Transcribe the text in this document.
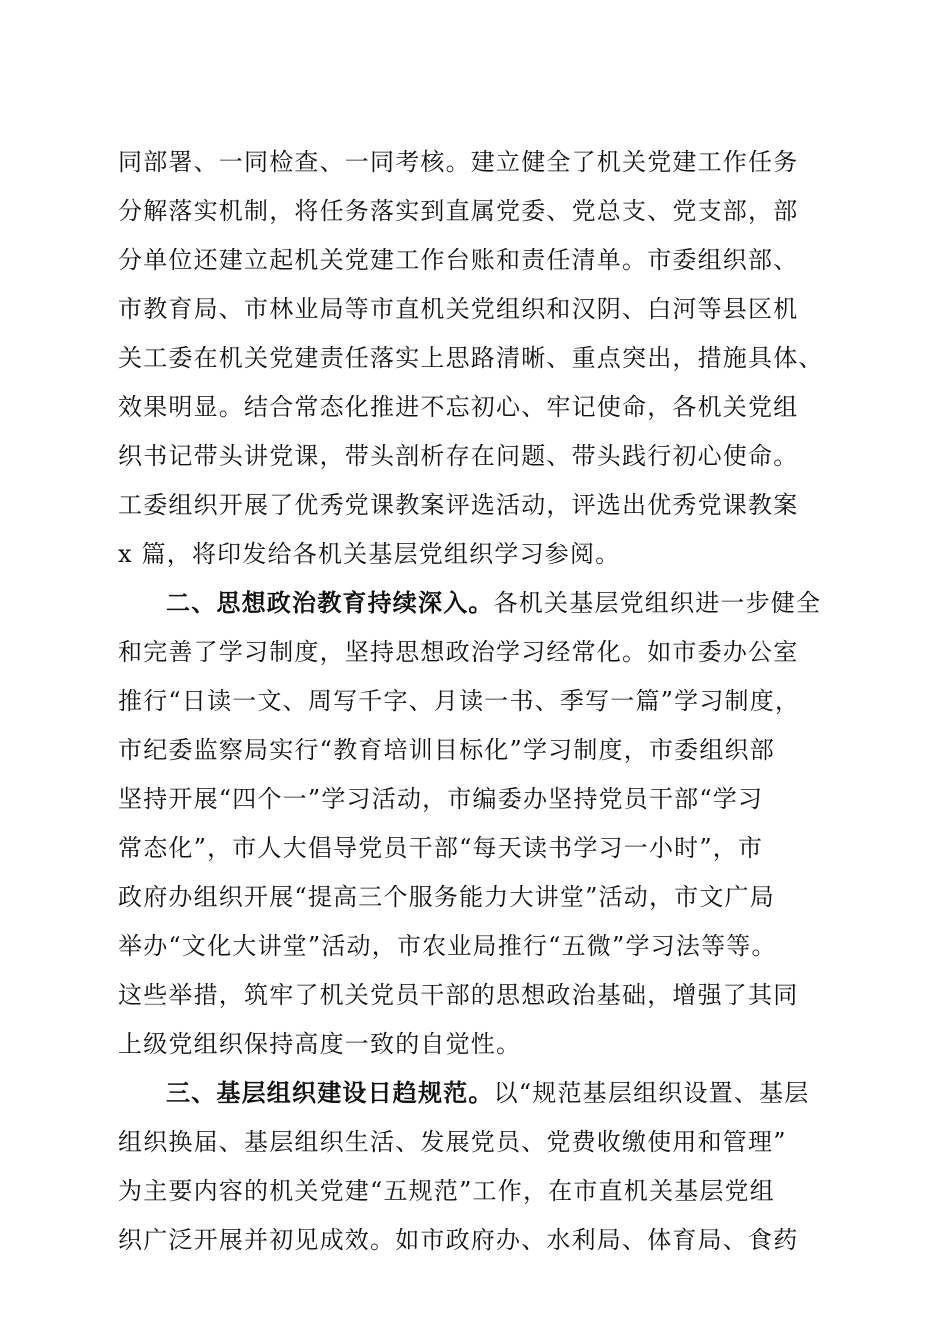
同部署、一同检查、一同考核。建立健全了机关党建工作任务
分解落实机制，将任务落实到直属党委、党总支、党支部，部
分单位还建立起机关党建工作台账和责任清单。市委组织部、
市教育局、市林业局等市直机关党组织和汉阴、白河等县区机
关工委在机关党建责任落实上思路清晰、重点突出，措施具体、
效果明显。结合常态化推进不忘初心、牢记使命，各机关党组
织书记带头讲党课，带头剖析存在问题、带头践行初心使命。
工委组织开展了优秀党课教案评选活动，评选出优秀党课教案
x 篇，将印发给各机关基层党组织学习参阅。
二、思想政治教育持续深入。各机关基层党组织进一步健全
和完善了学习制度，坚持思想政治学习经常化。如市委办公室
推行“日读一文、周写千字、月读一书、季写一篇”学习制度，
市纪委监察局实行“教育培训目标化”学习制度，市委组织部
坚持开展“四个一”学习活动，市编委办坚持党员干部“学习
常态化”，市人大倡导党员干部“每天读书学习一小时”，市
政府办组织开展“提高三个服务能力大讲堂”活动，市文广局
举办“文化大讲堂”活动，市农业局推行“五微”学习法等等。
这些举措，筑牢了机关党员干部的思想政治基础，增强了其同
上级党组织保持高度一致的自觉性。
三、基层组织建设日趋规范。以“规范基层组织设置、基层
组织换届、基层组织生活、发展党员、党费收缴使用和管理”
为主要内容的机关党建“五规范”工作，在市直机关基层党组
织广泛开展并初见成效。如市政府办、水利局、体育局、食药
